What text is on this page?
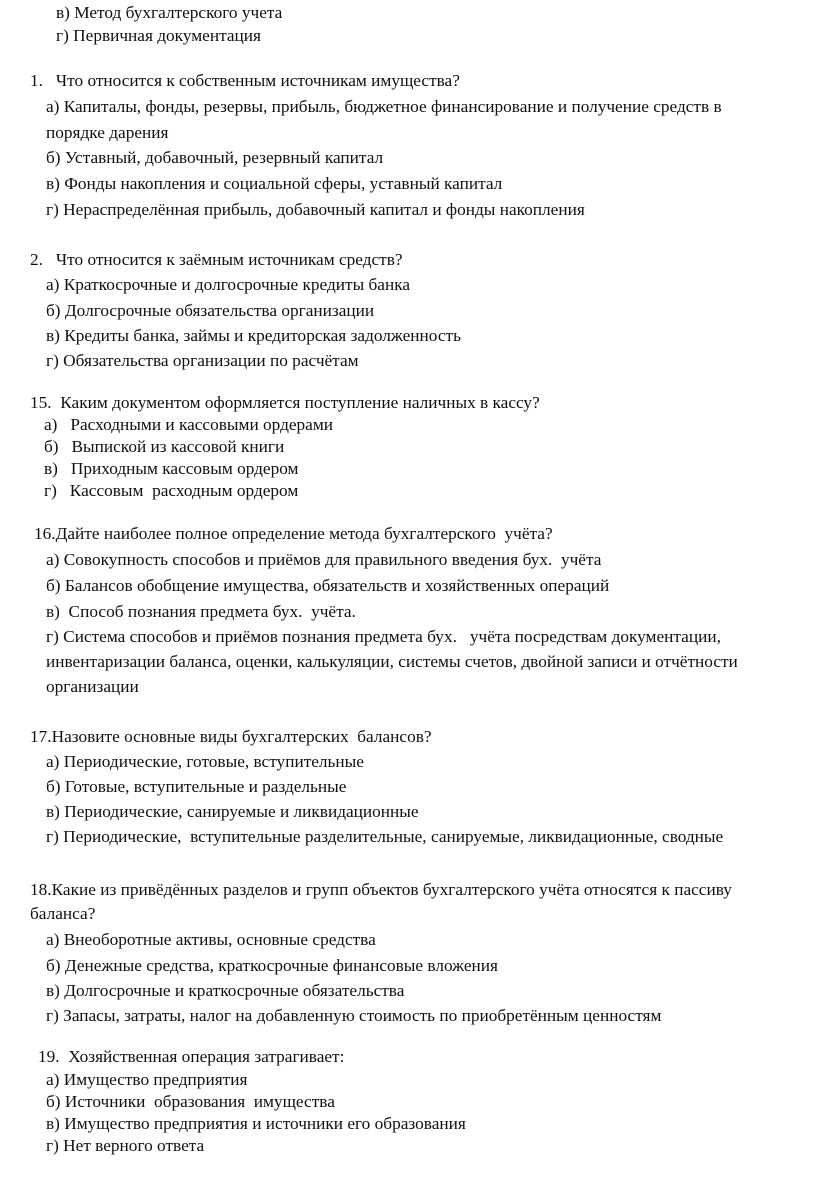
в) Метод бухгалтерского учета

г) Первичная документация

1.   Что относится к собственным источникам имущества?

а) Капиталы, фонды, резервы, прибыль, бюджетное финансирование и получение средств в

порядке дарения

б) Уставный, добавочный, резервный капитал

в) Фонды накопления и социальной сферы, уставный капитал

г) Нераспределённая прибыль, добавочный капитал и фонды накопления

2.   Что относится к заёмным источникам средств?

а) Краткосрочные и долгосрочные кредиты банка

б) Долгосрочные обязательства организации

в) Кредиты банка, займы и кредиторская задолженность

г) Обязательства организации по расчётам

15.  Каким документом оформляется поступление наличных в кассу?

а)   Расходными и кассовыми ордерами

б)   Выпиской из кассовой книги

в)   Приходным кассовым ордером

г)   Кассовым  расходным ордером

16.Дайте наиболее полное определение метода бухгалтерского  учёта?

а) Совокупность способов и приёмов для правильного введения бух.  учёта

б) Балансов обобщение имущества, обязательств и хозяйственных операций

в)  Способ познания предмета бух.  учёта.

г) Система способов и приёмов познания предмета бух.   учёта посредствам документации,

инвентаризации баланса, оценки, калькуляции, системы счетов, двойной записи и отчётности

организации

17.Назовите основные виды бухгалтерских  балансов?

а) Периодические, готовые, вступительные

б) Готовые, вступительные и раздельные

в) Периодические, санируемые и ликвидационные

г) Периодические,  вступительные разделительные, санируемые, ликвидационные, сводные

18.Какие из привёдённых разделов и групп объектов бухгалтерского учёта относятся к пассиву

баланса?

а) Внеоборотные активы, основные средства

б) Денежные средства, краткосрочные финансовые вложения

в) Долгосрочные и краткосрочные обязательства

г) Запасы, затраты, налог на добавленную стоимость по приобретённым ценностям

19.  Хозяйственная операция затрагивает:

а) Имущество предприятия

б) Источники  образования  имущества

в) Имущество предприятия и источники его образования

г) Нет верного ответа
